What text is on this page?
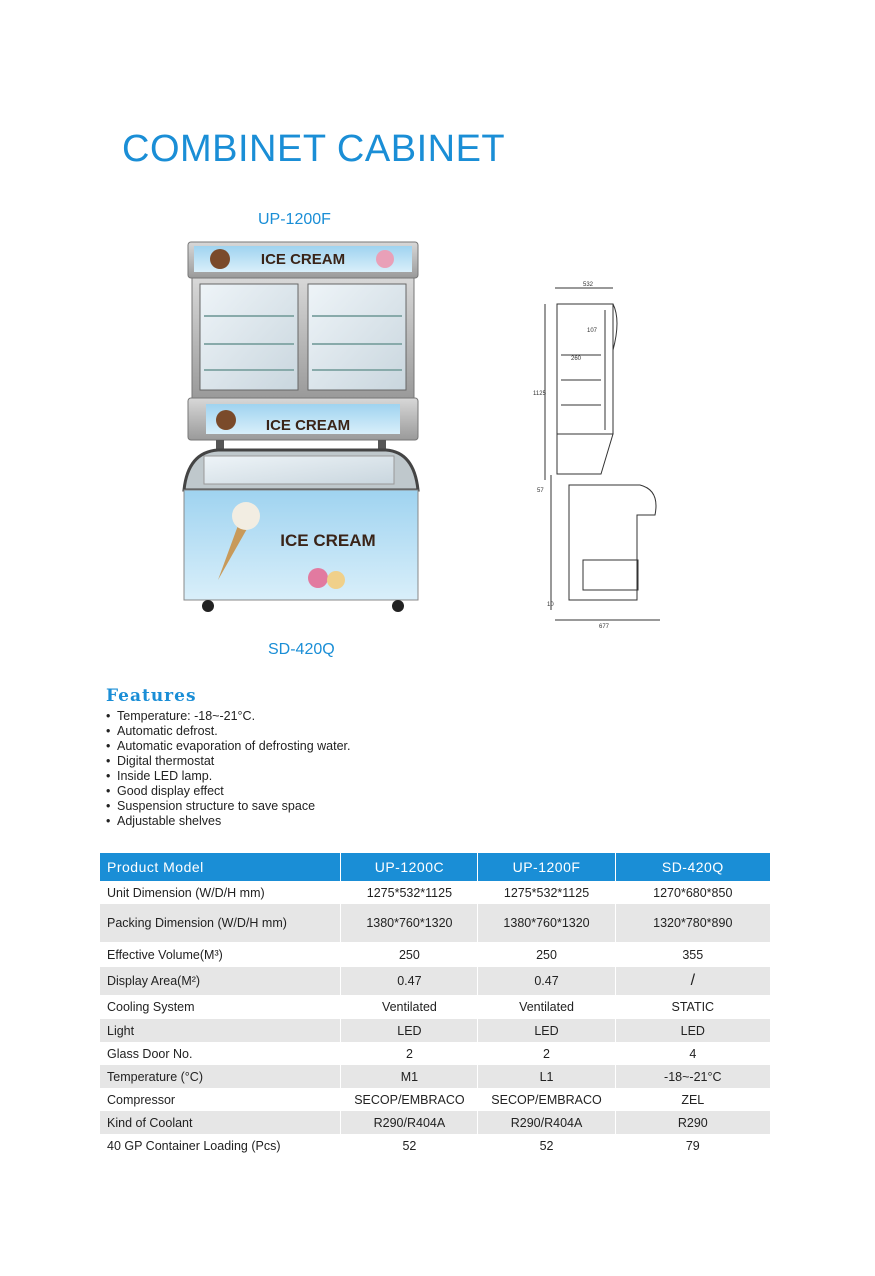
COMBINET CABINET
UP-1200F
ICE CREAM
ICE CREAM
ICE CREAM
532
107
260
1125
57
10
677
SD-420Q
Features
• Temperature: -18~-21°C.
• Automatic defrost.
• Automatic evaporation of defrosting water.
• Digital thermostat
• Inside LED lamp.
• Good display effect
• Suspension structure to save space
• Adjustable shelves
Product Model	UP-1200C	UP-1200F	SD-420Q
Unit Dimension (W/D/H mm)	1275*532*1125	1275*532*1125	1270*680*850
Packing Dimension (W/D/H mm)	1380*760*1320	1380*760*1320	1320*780*890
Effective Volume(M³)	250	250	355
Display Area(M²)	0.47	0.47	/
Cooling System	Ventilated	Ventilated	STATIC
Light	LED	LED	LED
Glass Door No.	2	2	4
Temperature (°C)	M1	L1	-18~-21°C
Compressor	SECOP/EMBRACO	SECOP/EMBRACO	ZEL
Kind of Coolant	R290/R404A	R290/R404A	R290
40 GP Container Loading (Pcs)	52	52	79
